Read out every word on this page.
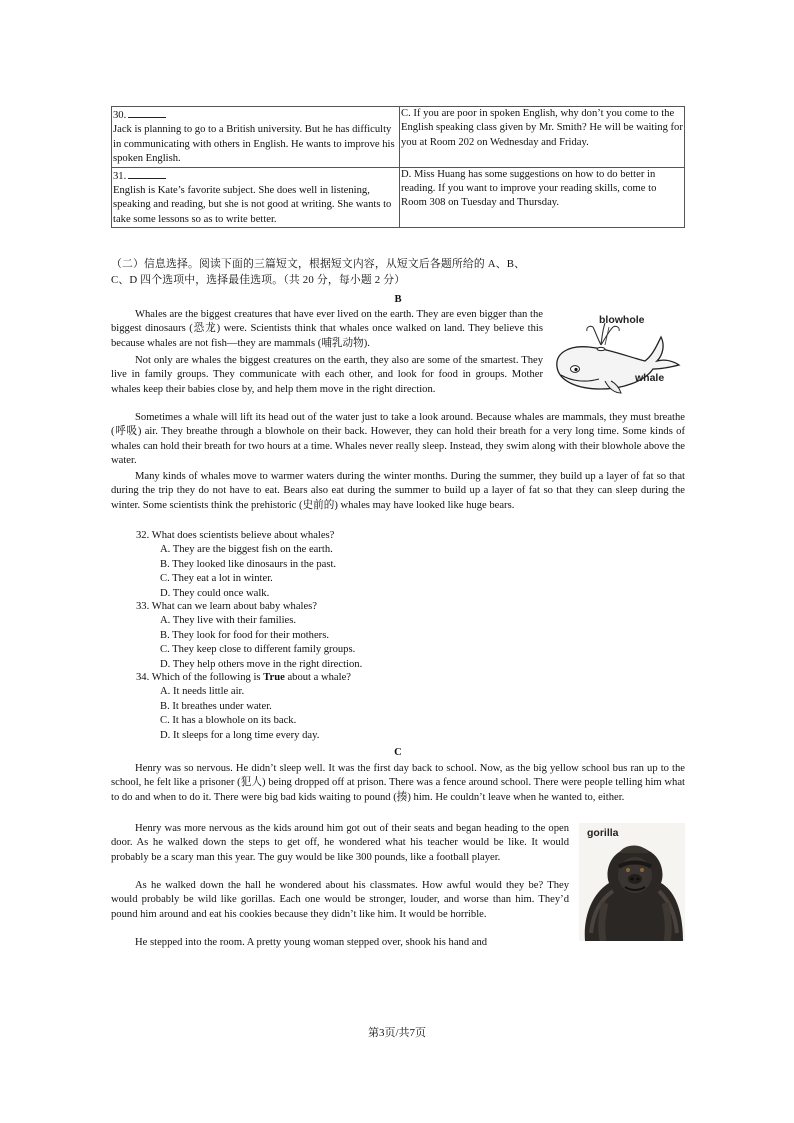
30.
Jack is planning to go to a British university. But he has difficulty in communicating with others in English. He wants to improve his spoken English.	C. If you are poor in spoken English, why don’t you come to the English speaking class given by Mr. Smith? He will be waiting for you at Room 202 on Wednesday and Friday.

31.
English is Kate’s favorite subject. She does well in listening, speaking and reading, but she is not good at writing. She wants to take some lessons so as to write better.	D. Miss Huang has some suggestions on how to do better in reading. If you want to improve your reading skills, come to Room 308 on Tuesday and Thursday.
（二）信息选择。阅读下面的三篇短文，根据短文内容，从短文后各题所给的 A、B、
C、D 四个选项中，选择最佳选项。（共 20 分，每小题 2 分）
B

Whales are the biggest creatures that have ever lived on the earth. They are even bigger than the biggest dinosaurs (恐龙) were. Scientists think that whales once walked on land. They believe this because whales are not fish—they are mammals (哺乳动物).

Not only are whales the biggest creatures on the earth, they also are some of the smartest. They live in family groups. They communicate with each other, and look for food in groups. Mother whales keep their babies close by, and help them move in the right direction.

Sometimes a whale will lift its head out of the water just to take a look around. Because whales are mammals, they must breathe (呼吸) air. They breathe through a blowhole on their back. However, they can hold their breath for a very long time. Some kinds of whales can hold their breath for two hours at a time. Whales never really sleep. Instead, they swim along with their blowhole above the water.

Many kinds of whales move to warmer waters during the winter months. During the summer, they build up a layer of fat so that during the trip they do not have to eat. Bears also eat during the summer to build up a layer of fat so that they can sleep during the winter. Some scientists think the prehistoric (史前的) whales may have looked like huge bears.

blowhole
whale
32. What does scientists believe about whales?
A. They are the biggest fish on the earth.
B. They looked like dinosaurs in the past.
C. They eat a lot in winter.
D. They could once walk.
33. What can we learn about baby whales?
A. They live with their families.
B. They look for food for their mothers.
C. They keep close to different family groups.
D. They help others move in the right direction.
34. Which of the following is True about a whale?
A. It needs little air.
B. It breathes under water.
C. It has a blowhole on its back.
D. It sleeps for a long time every day.
C

Henry was so nervous. He didn’t sleep well. It was the first day back to school. Now, as the big yellow school bus ran up to the school, he felt like a prisoner (犯人) being dropped off at prison. There was a fence around school. There were people telling him what to do and when to do it. There were big bad kids waiting to pound (揍) him. He couldn’t leave when he wanted to, either.

Henry was more nervous as the kids around him got out of their seats and began heading to the open door. As he walked down the steps to get off, he wondered what his teacher would be like. It would probably be a scary man this year. The guy would be like 300 pounds, like a football player.

As he walked down the hall he wondered about his classmates. How awful would they be? They would probably be wild like gorillas. Each one would be stronger, louder, and worse than him. They’d pound him around and eat his cookies because they didn’t like him. It would be horrible.

He stepped into the room. A pretty young woman stepped over, shook his hand and

gorilla
第3页/共7页
